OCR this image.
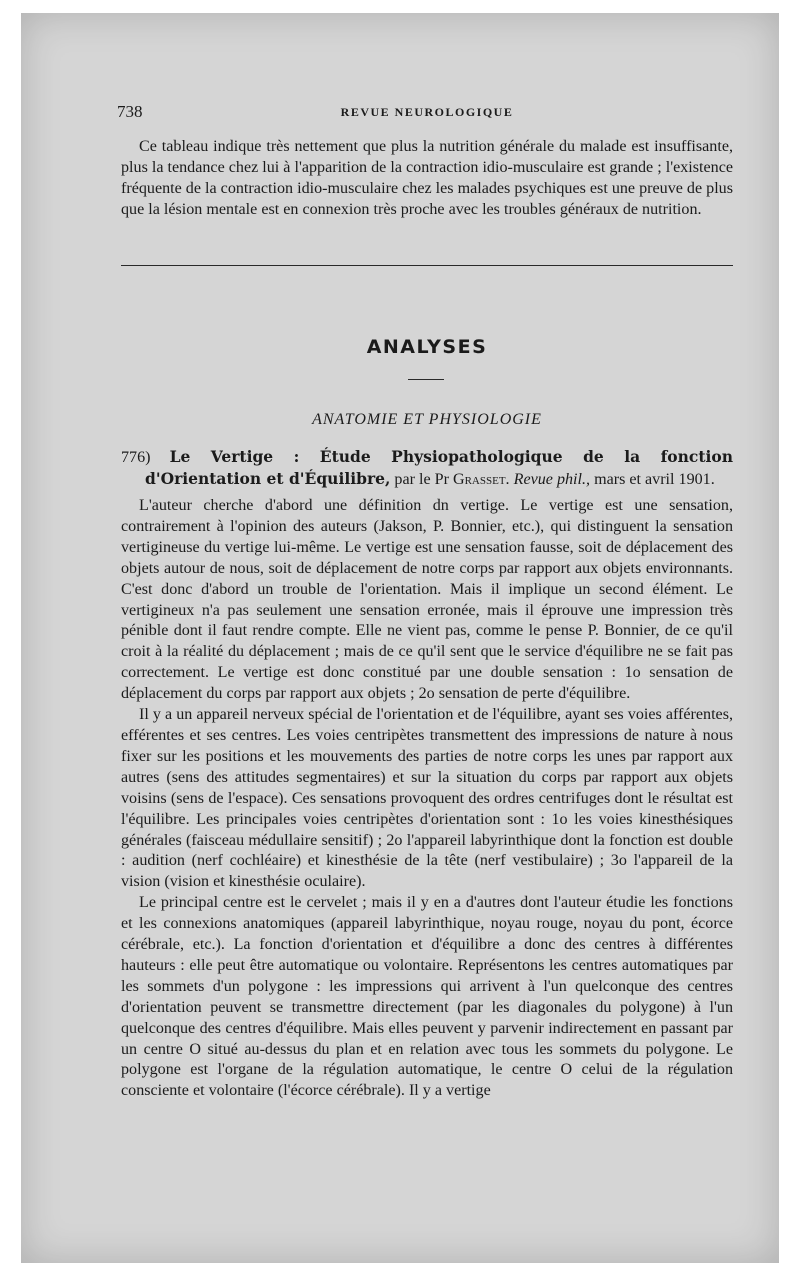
738	REVUE NEUROLOGIQUE

Ce tableau indique très nettement que plus la nutrition générale du malade est insuffisante, plus la tendance chez lui à l'apparition de la contraction idio-musculaire est grande ; l'existence fréquente de la contraction idio-musculaire chez les malades psychiques est une preuve de plus que la lésion mentale est en connexion très proche avec les troubles généraux de nutrition.

ANALYSES
ANATOMIE ET PHYSIOLOGIE
776) Le Vertige : Étude Physiopathologique de la fonction d'Orientation et d'Équilibre, par le Pr Grasset. Revue phil., mars et avril 1901.

L'auteur cherche d'abord une définition dn vertige. Le vertige est une sensation, contrairement à l'opinion des auteurs (Jakson, P. Bonnier, etc.), qui distinguent la sensation vertigineuse du vertige lui-même. Le vertige est une sensation fausse, soit de déplacement des objets autour de nous, soit de déplacement de notre corps par rapport aux objets environnants. C'est donc d'abord un trouble de l'orientation. Mais il implique un second élément. Le vertigineux n'a pas seulement une sensation erronée, mais il éprouve une impression très pénible dont il faut rendre compte. Elle ne vient pas, comme le pense P. Bonnier, de ce qu'il croit à la réalité du déplacement ; mais de ce qu'il sent que le service d'équilibre ne se fait pas correctement. Le vertige est donc constitué par une double sensation : 1o sensation de déplacement du corps par rapport aux objets ; 2o sensation de perte d'équilibre.

Il y a un appareil nerveux spécial de l'orientation et de l'équilibre, ayant ses voies afférentes, efférentes et ses centres. Les voies centripètes transmettent des impressions de nature à nous fixer sur les positions et les mouvements des parties de notre corps les unes par rapport aux autres (sens des attitudes segmentaires) et sur la situation du corps par rapport aux objets voisins (sens de l'espace). Ces sensations provoquent des ordres centrifuges dont le résultat est l'équilibre. Les principales voies centripètes d'orientation sont : 1o les voies kinesthésiques générales (faisceau médullaire sensitif) ; 2o l'appareil labyrinthique dont la fonction est double : audition (nerf cochléaire) et kinesthésie de la tête (nerf vestibulaire) ; 3o l'appareil de la vision (vision et kinesthésie oculaire).

Le principal centre est le cervelet ; mais il y en a d'autres dont l'auteur étudie les fonctions et les connexions anatomiques (appareil labyrinthique, noyau rouge, noyau du pont, écorce cérébrale, etc.). La fonction d'orientation et d'équilibre a donc des centres à différentes hauteurs : elle peut être automatique ou volontaire. Représentons les centres automatiques par les sommets d'un polygone : les impressions qui arrivent à l'un quelconque des centres d'orientation peuvent se transmettre directement (par les diagonales du polygone) à l'un quelconque des centres d'équilibre. Mais elles peuvent y parvenir indirectement en passant par un centre O situé au-dessus du plan et en relation avec tous les sommets du polygone. Le polygone est l'organe de la régulation automatique, le centre O celui de la régulation consciente et volontaire (l'écorce cérébrale). Il y a vertige
